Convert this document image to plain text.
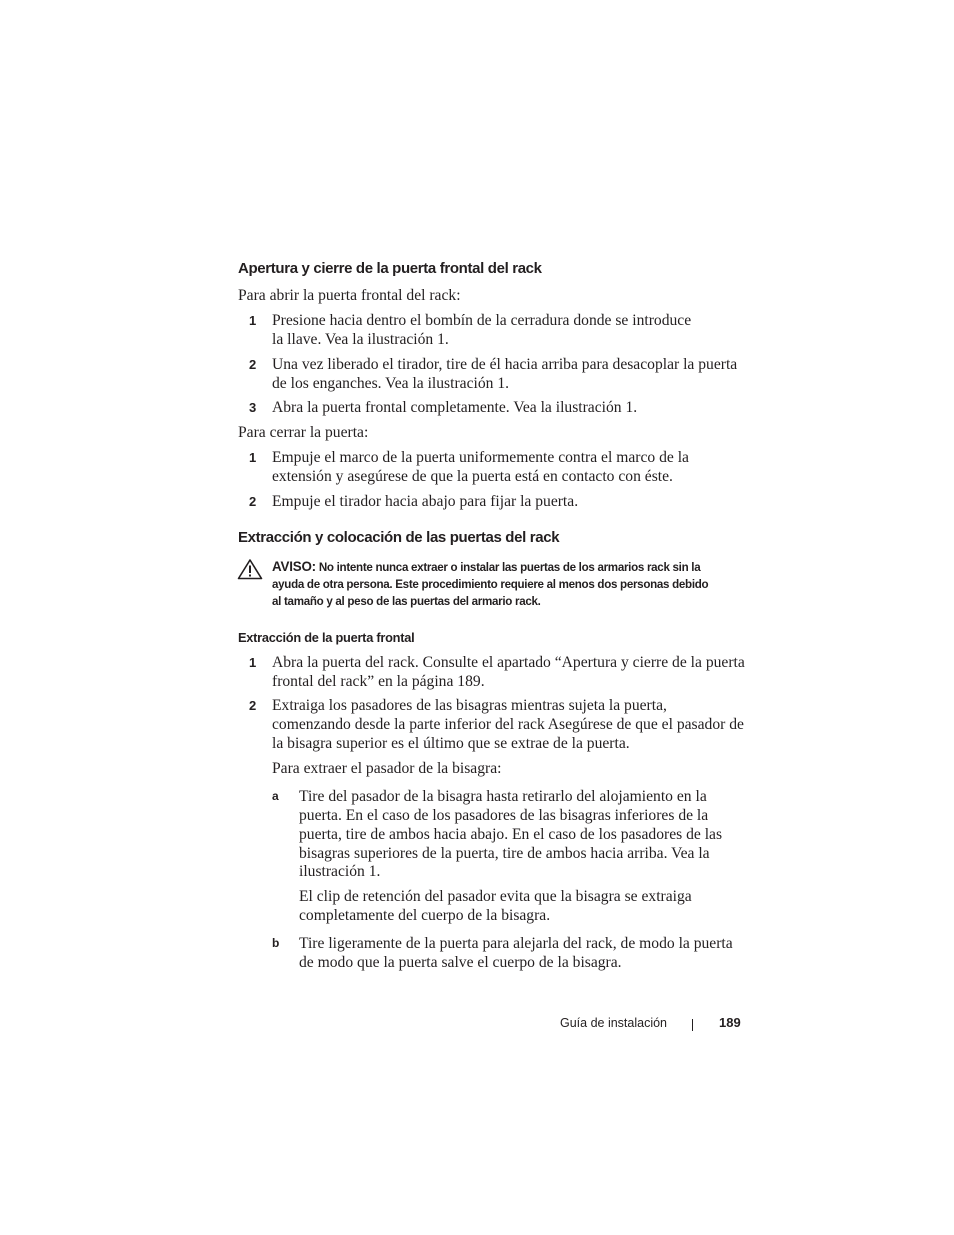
Apertura y cierre de la puerta frontal del rack
Para abrir la puerta frontal del rack:
1 Presione hacia dentro el bombín de la cerradura donde se introduce
la llave. Vea la ilustración 1.
2 Una vez liberado el tirador, tire de él hacia arriba para desacoplar la puerta
de los enganches. Vea la ilustración 1.
3 Abra la puerta frontal completamente. Vea la ilustración 1.
Para cerrar la puerta:
1 Empuje el marco de la puerta uniformemente contra el marco de la
extensión y asegúrese de que la puerta está en contacto con éste.
2 Empuje el tirador hacia abajo para fijar la puerta.
Extracción y colocación de las puertas del rack
AVISO: No intente nunca extraer o instalar las puertas de los armarios rack sin la
ayuda de otra persona. Este procedimiento requiere al menos dos personas debido
al tamaño y al peso de las puertas del armario rack.
Extracción de la puerta frontal
1 Abra la puerta del rack. Consulte el apartado “Apertura y cierre de la puerta
frontal del rack” en la página 189.
2 Extraiga los pasadores de las bisagras mientras sujeta la puerta,
comenzando desde la parte inferior del rack Asegúrese de que el pasador de
la bisagra superior es el último que se extrae de la puerta.
Para extraer el pasador de la bisagra:
a Tire del pasador de la bisagra hasta retirarlo del alojamiento en la
puerta. En el caso de los pasadores de las bisagras inferiores de la
puerta, tire de ambos hacia abajo. En el caso de los pasadores de las
bisagras superiores de la puerta, tire de ambos hacia arriba. Vea la
ilustración 1.
El clip de retención del pasador evita que la bisagra se extraiga
completamente del cuerpo de la bisagra.
b Tire ligeramente de la puerta para alejarla del rack, de modo la puerta
de modo que la puerta salve el cuerpo de la bisagra.
Guía de instalación	189
